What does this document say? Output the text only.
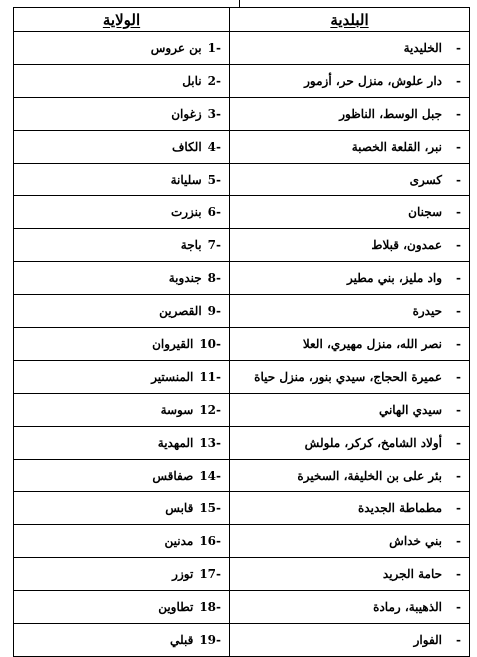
البلدية	الولاية
-الخليدية	1-بن عروس
-دار علوش، منزل حر، أزمور	2-نابل
-جبل الوسط، الناظور	3-زغوان
-نبر، القلعة الخصبة	4-الكاف
-كسرى	5-سليانة
-سجنان	6-بنزرت
-عمدون، قبلاط	7-باجة
-واد مليز، بني مطير	8-جندوبة
-حيدرة	9-القصرين
-نصر الله، منزل مهيري، العلا	10-القيروان
-عميرة الحجاج، سيدي بنور، منزل حياة	11-المنستير
-سيدي الهاني	12-سوسة
-أولاد الشامخ، كركر، ملولش	13-المهدية
-بئر على بن الخليفة، السخيرة	14-صفاقس
-مطماطة الجديدة	15-قابس
-بني خداش	16-مدنين
-حامة الجريد	17-توزر
-الذهيبة، رمادة	18-تطاوين
-الفوار	19-قبلي
